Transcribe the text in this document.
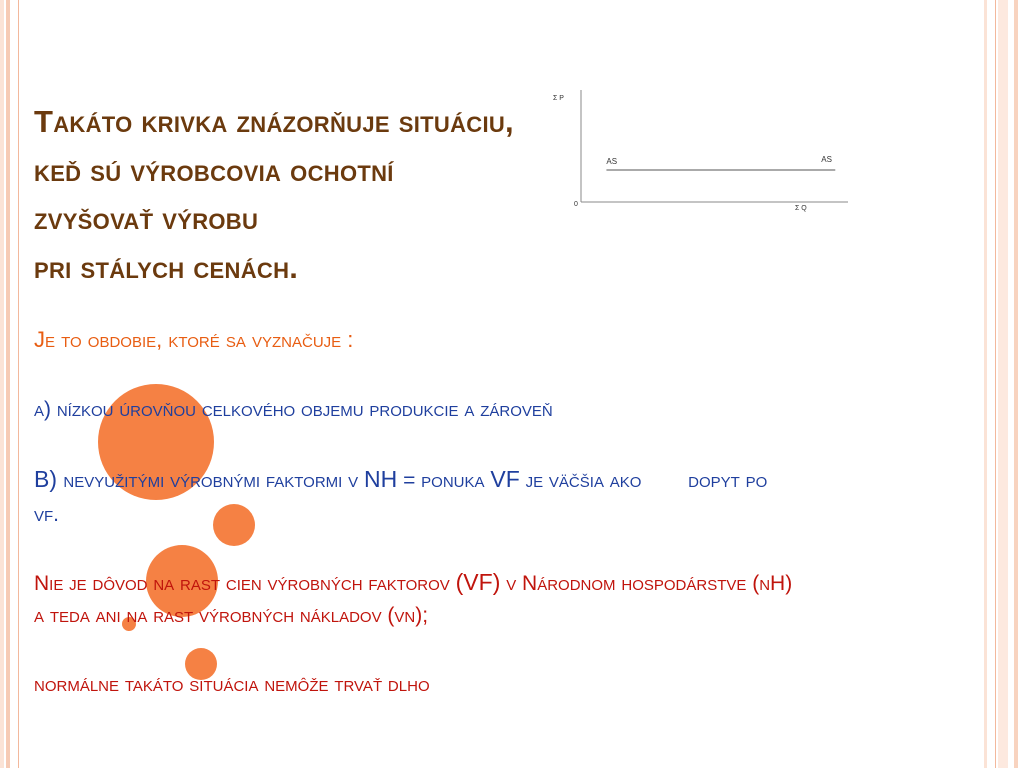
Takáto krivka znázorňuje situáciu,
keď sú výrobcovia ochotní
zvyšovať výrobu
pri stálych cenách.
Σ P
Σ Q
0
AS	AS
Je to obdobie, ktoré sa vyznačuje :
a) nízkou úrovňou celkového objemu produkcie a zároveň
B) nevyužitými výrobnými faktormi v NH = ponuka VF je väčšia ako        dopyt po
vf.
Nie je dôvod na rast cien výrobných faktorov (VF) v Národnom hospodárstve (nH)
a teda ani na rast výrobných nákladov (vn);
normálne takáto situácia nemôže trvať dlho
